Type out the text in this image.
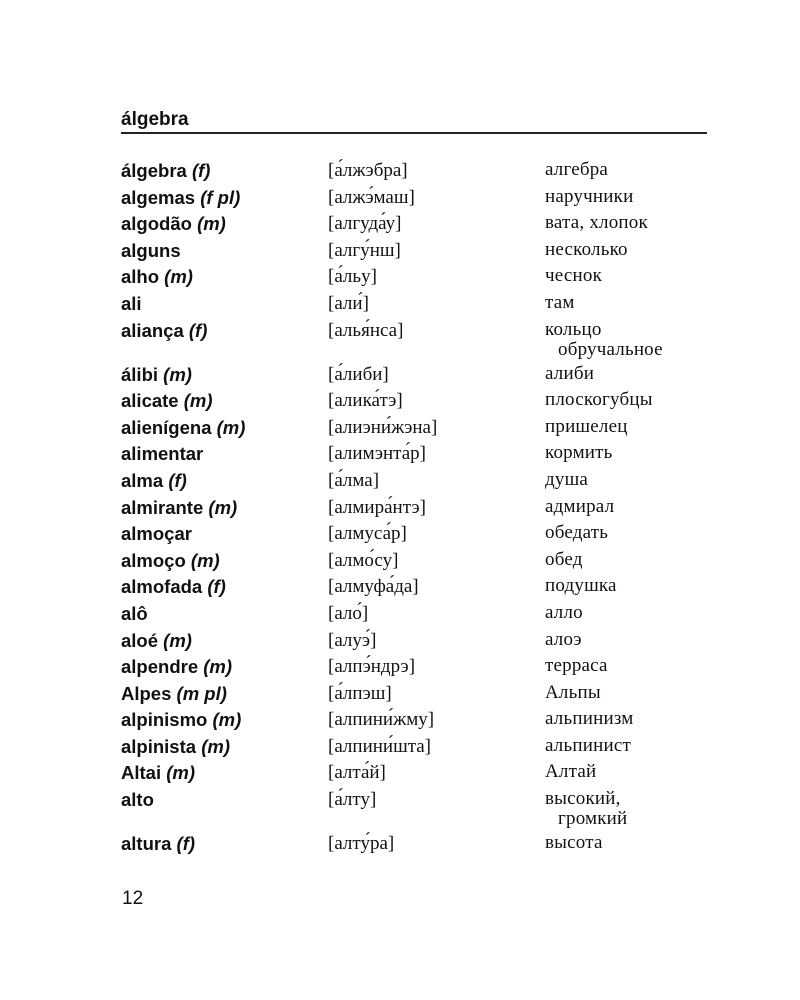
álgebra
álgebra (f)	[а́лжэбра]	алгебра
algemas (f pl)	[алжэ́маш]	наручники
algodão (m)	[алгуда́у]	вата, хлопок
alguns	[алгу́нш]	несколько
alho (m)	[а́льу]	чеснок
ali	[али́]	там
aliança (f)	[алья́нса]	кольцо
обручальное
álibi (m)	[а́либи]	алиби
alicate (m)	[алика́тэ]	плоскогубцы
alienígena (m)	[алиэни́жэна]	пришелец
alimentar	[алимэнта́р]	кормить
alma (f)	[а́лма]	душа
almirante (m)	[алмира́нтэ]	адмирал
almoçar	[алмуса́р]	обедать
almoço (m)	[алмо́су]	обед
almofada (f)	[алмуфа́да]	подушка
alô	[ало́]	алло
aloé (m)	[алуэ́]	алоэ
alpendre (m)	[алпэ́ндрэ]	терраса
Alpes (m pl)	[а́лпэш]	Альпы
alpinismo (m)	[алпини́жму]	альпинизм
alpinista (m)	[алпини́шта]	альпинист
Altai (m)	[алта́й]	Алтай
alto	[а́лту]	высокий,
громкий
altura (f)	[алту́ра]	высота
12
